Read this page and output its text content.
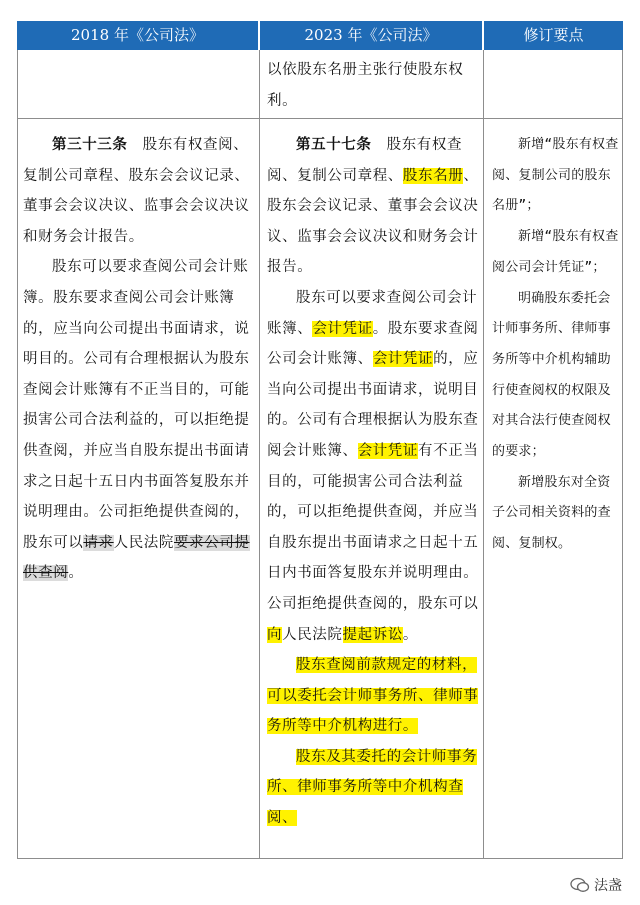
2018 年《公司法》	2023 年《公司法》	修订要点
以依股东名册主张行使股东权利。

第三十三条　 股东有权查阅、复制公司章程、股东会会议记录、董事会会议决议、监事会会议决议和财务会计报告。

股东可以要求查阅公司会计账簿。股东要求查阅公司会计账簿的，应当向公司提出书面请求，说明目的。公司有合理根据认为股东查阅会计账簿有不正当目的，可能损害公司合法利益的，可以拒绝提供查阅，并应当自股东提出书面请求之日起十五日内书面答复股东并说明理由。公司拒绝提供查阅的，股东可以请求人民法院要求公司提供查阅。

第五十七条　 股东有权查阅、复制公司章程、股东名册、股东会会议记录、董事会会议决议、监事会会议决议和财务会计报告。

股东可以要求查阅公司会计账簿、会计凭证。股东要求查阅公司会计账簿、会计凭证的，应当向公司提出书面请求，说明目的。公司有合理根据认为股东查阅会计账簿、会计凭证有不正当目的，可能损害公司合法利益的，可以拒绝提供查阅，并应当自股东提出书面请求之日起十五日内书面答复股东并说明理由。公司拒绝提供查阅的，股东可以向人民法院提起诉讼。

股东查阅前款规定的材料，可以委托会计师事务所、律师事务所等中介机构进行。

股东及其委托的会计师事务所、律师事务所等中介机构查阅、

新增“股东有权查阅、复制公司的股东名册”；

新增“股东有权查阅公司会计凭证”；

明确股东委托会计师事务所、律师事务所等中介机构辅助行使查阅权的权限及对其合法行使查阅权的要求；

新增股东对全资子公司相关资料的查阅、复制权。

法盏
